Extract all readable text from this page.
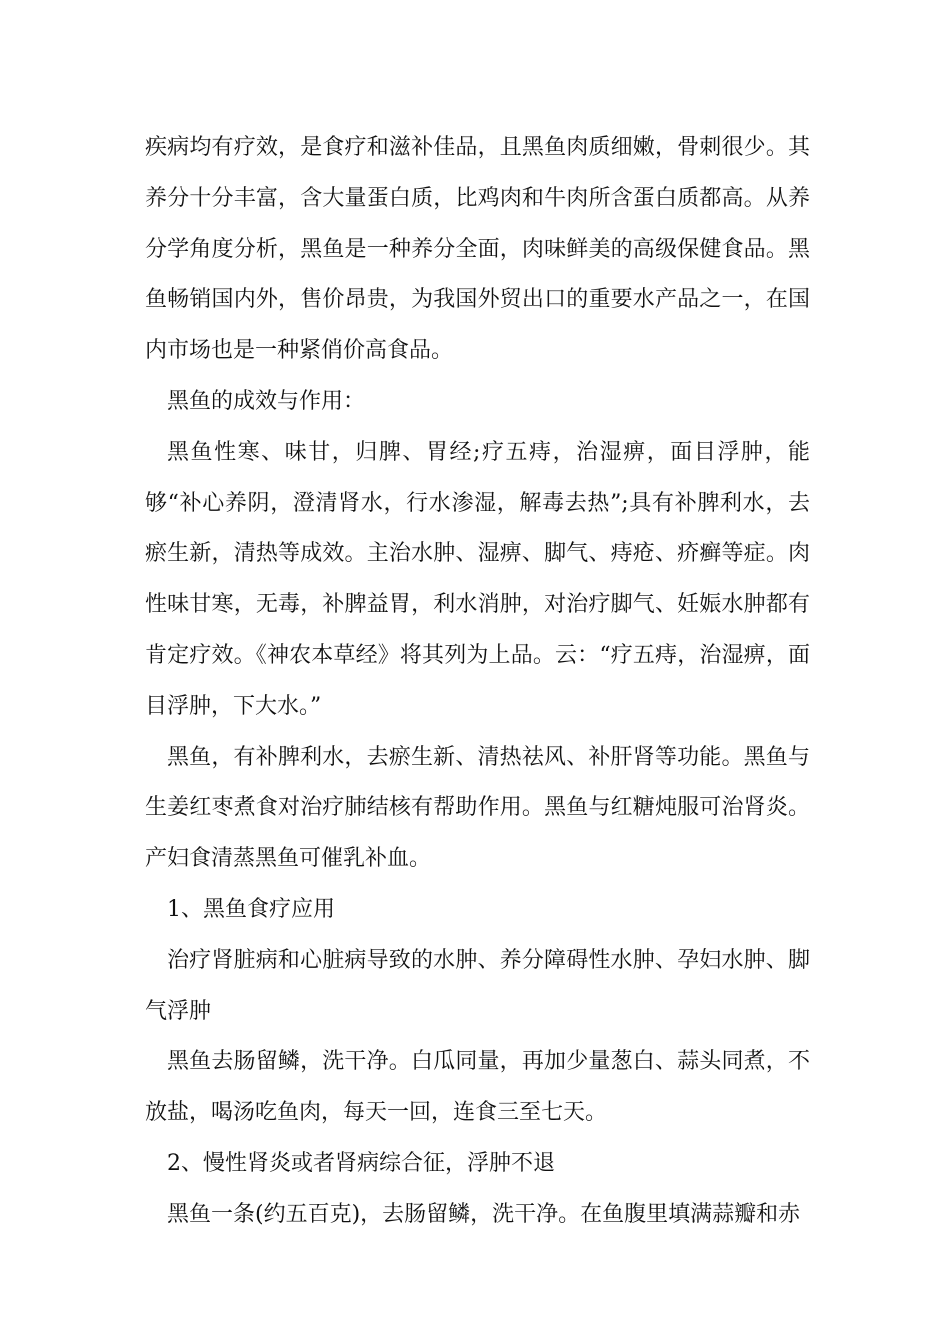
疾病均有疗效，是食疗和滋补佳品，且黑鱼肉质细嫩，骨刺很少。其养分十分丰富，含大量蛋白质，比鸡肉和牛肉所含蛋白质都高。从养分学角度分析，黑鱼是一种养分全面，肉味鲜美的高级保健食品。黑鱼畅销国内外，售价昂贵，为我国外贸出口的重要水产品之一，在国内市场也是一种紧俏价高食品。

黑鱼的成效与作用：

黑鱼性寒、味甘，归脾、胃经;疗五痔，治湿痹，面目浮肿，能够“补心养阴，澄清肾水，行水渗湿，解毒去热”;具有补脾利水，去瘀生新，清热等成效。主治水肿、湿痹、脚气、痔疮、疥癣等症。肉性味甘寒，无毒，补脾益胃，利水消肿，对治疗脚气、妊娠水肿都有肯定疗效。《神农本草经》将其列为上品。云：“疗五痔，治湿痹，面目浮肿，下大水。”

黑鱼，有补脾利水，去瘀生新、清热祛风、补肝肾等功能。黑鱼与生姜红枣煮食对治疗肺结核有帮助作用。黑鱼与红糖炖服可治肾炎。产妇食清蒸黑鱼可催乳补血。

1、黑鱼食疗应用

治疗肾脏病和心脏病导致的水肿、养分障碍性水肿、孕妇水肿、脚气浮肿

黑鱼去肠留鳞，洗干净。白瓜同量，再加少量葱白、蒜头同煮，不放盐，喝汤吃鱼肉，每天一回，连食三至七天。

2、慢性肾炎或者肾病综合征，浮肿不退

黑鱼一条(约五百克)，去肠留鳞，洗干净。在鱼腹里填满蒜瓣和赤
